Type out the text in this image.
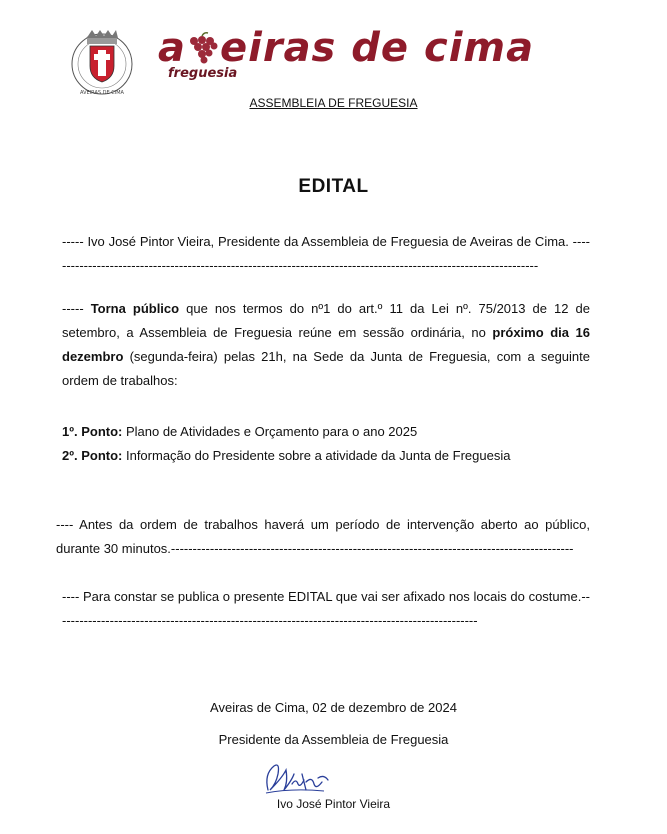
AVEIRAS DE CIMA
a eiras de cima
freguesia
ASSEMBLEIA DE FREGUESIA
EDITAL

----- Ivo José Pintor Vieira, Presidente da Assembleia de Freguesia de Aveiras de Cima. ------------------------------------------------------------------------------------------------------------------

----- Torna público que nos termos do nº1 do art.º 11 da Lei nº. 75/2013 de 12 de setembro, a Assembleia de Freguesia reúne em sessão ordinária, no próximo dia 16 dezembro (segunda-feira) pelas 21h, na Sede da Junta de Freguesia, com a seguinte ordem de trabalhos:

1º. Ponto: Plano de Atividades e Orçamento para o ano 2025
2º. Ponto: Informação do Presidente sobre a atividade da Junta de Freguesia

---- Antes da ordem de trabalhos haverá um período de intervenção aberto ao público, durante 30 minutos.---------------------------------------------------------------------------------------------

---- Para constar se publica o presente EDITAL que vai ser afixado nos locais do costume.--------------------------------------------------------------------------------------------------

Aveiras de Cima, 02 de dezembro de 2024
Presidente da Assembleia de Freguesia
Ivo José Pintor Vieira
